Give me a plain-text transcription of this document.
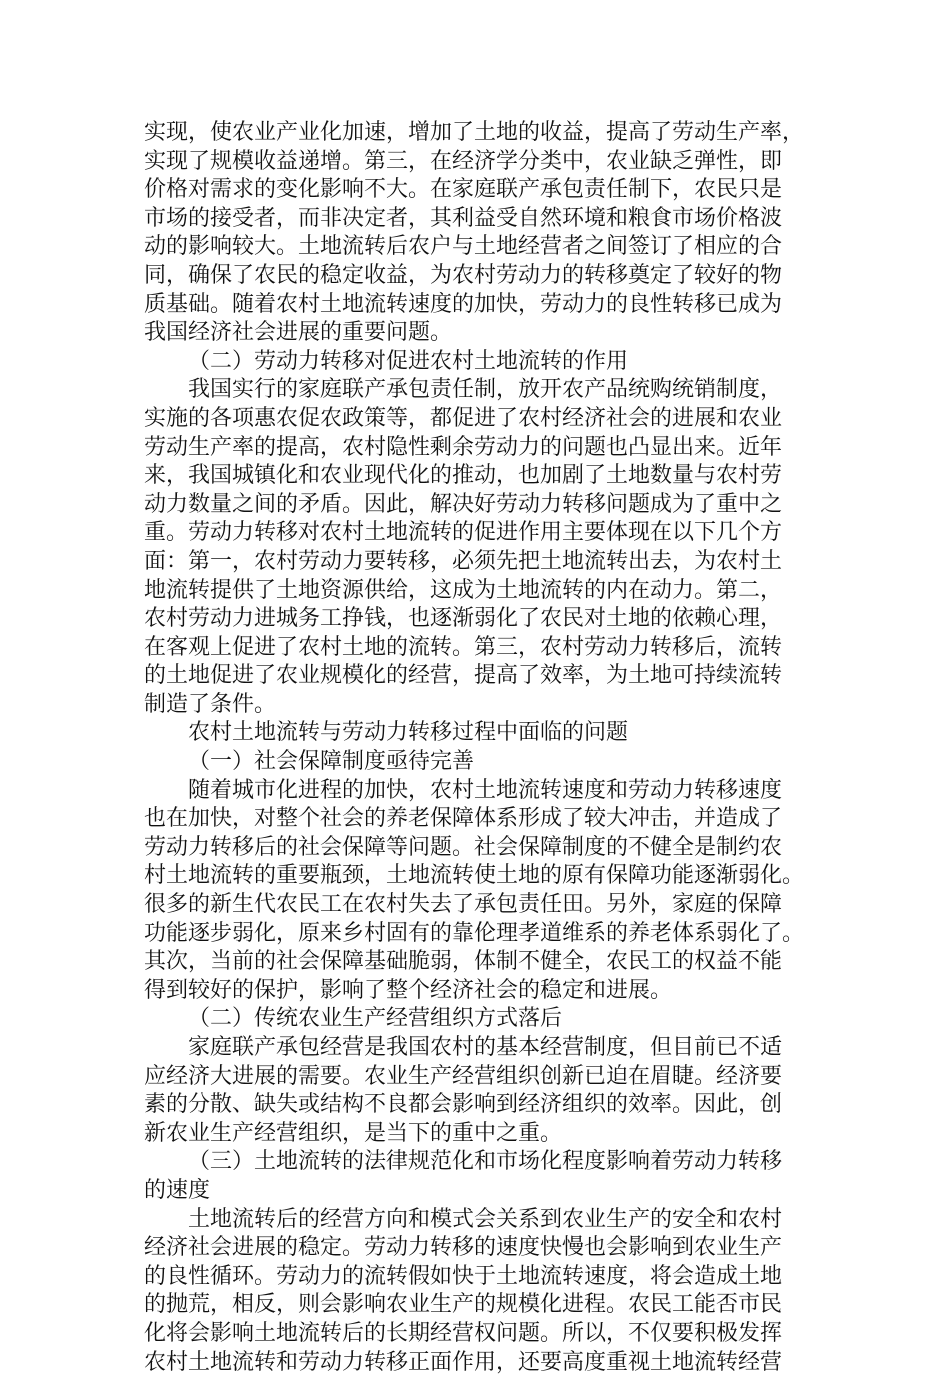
实现，使农业产业化加速，增加了土地的收益，提高了劳动生产率，
实现了规模收益递增。第三，在经济学分类中，农业缺乏弹性，即
价格对需求的变化影响不大。在家庭联产承包责任制下，农民只是
市场的接受者，而非决定者，其利益受自然环境和粮食市场价格波
动的影响较大。土地流转后农户与土地经营者之间签订了相应的合
同，确保了农民的稳定收益，为农村劳动力的转移奠定了较好的物
质基础。随着农村土地流转速度的加快，劳动力的良性转移已成为
我国经济社会进展的重要问题。
（二）劳动力转移对促进农村土地流转的作用
我国实行的家庭联产承包责任制，放开农产品统购统销制度，
实施的各项惠农促农政策等，都促进了农村经济社会的进展和农业
劳动生产率的提高，农村隐性剩余劳动力的问题也凸显出来。近年
来，我国城镇化和农业现代化的推动，也加剧了土地数量与农村劳
动力数量之间的矛盾。因此，解决好劳动力转移问题成为了重中之
重。劳动力转移对农村土地流转的促进作用主要体现在以下几个方
面：第一，农村劳动力要转移，必须先把土地流转出去，为农村土
地流转提供了土地资源供给，这成为土地流转的内在动力。第二，
农村劳动力进城务工挣钱，也逐渐弱化了农民对土地的依赖心理，
在客观上促进了农村土地的流转。第三，农村劳动力转移后，流转
的土地促进了农业规模化的经营，提高了效率，为土地可持续流转
制造了条件。
农村土地流转与劳动力转移过程中面临的问题
（一）社会保障制度亟待完善
随着城市化进程的加快，农村土地流转速度和劳动力转移速度
也在加快，对整个社会的养老保障体系形成了较大冲击，并造成了
劳动力转移后的社会保障等问题。社会保障制度的不健全是制约农
村土地流转的重要瓶颈，土地流转使土地的原有保障功能逐渐弱化。
很多的新生代农民工在农村失去了承包责任田。另外，家庭的保障
功能逐步弱化，原来乡村固有的靠伦理孝道维系的养老体系弱化了。
其次，当前的社会保障基础脆弱，体制不健全，农民工的权益不能
得到较好的保护，影响了整个经济社会的稳定和进展。
（二）传统农业生产经营组织方式落后
家庭联产承包经营是我国农村的基本经营制度，但目前已不适
应经济大进展的需要。农业生产经营组织创新已迫在眉睫。经济要
素的分散、缺失或结构不良都会影响到经济组织的效率。因此，创
新农业生产经营组织，是当下的重中之重。
（三）土地流转的法律规范化和市场化程度影响着劳动力转移
的速度
土地流转后的经营方向和模式会关系到农业生产的安全和农村
经济社会进展的稳定。劳动力转移的速度快慢也会影响到农业生产
的良性循环。劳动力的流转假如快于土地流转速度，将会造成土地
的抛荒，相反，则会影响农业生产的规模化进程。农民工能否市民
化将会影响土地流转后的长期经营权问题。所以，不仅要积极发挥
农村土地流转和劳动力转移正面作用，还要高度重视土地流转经营
